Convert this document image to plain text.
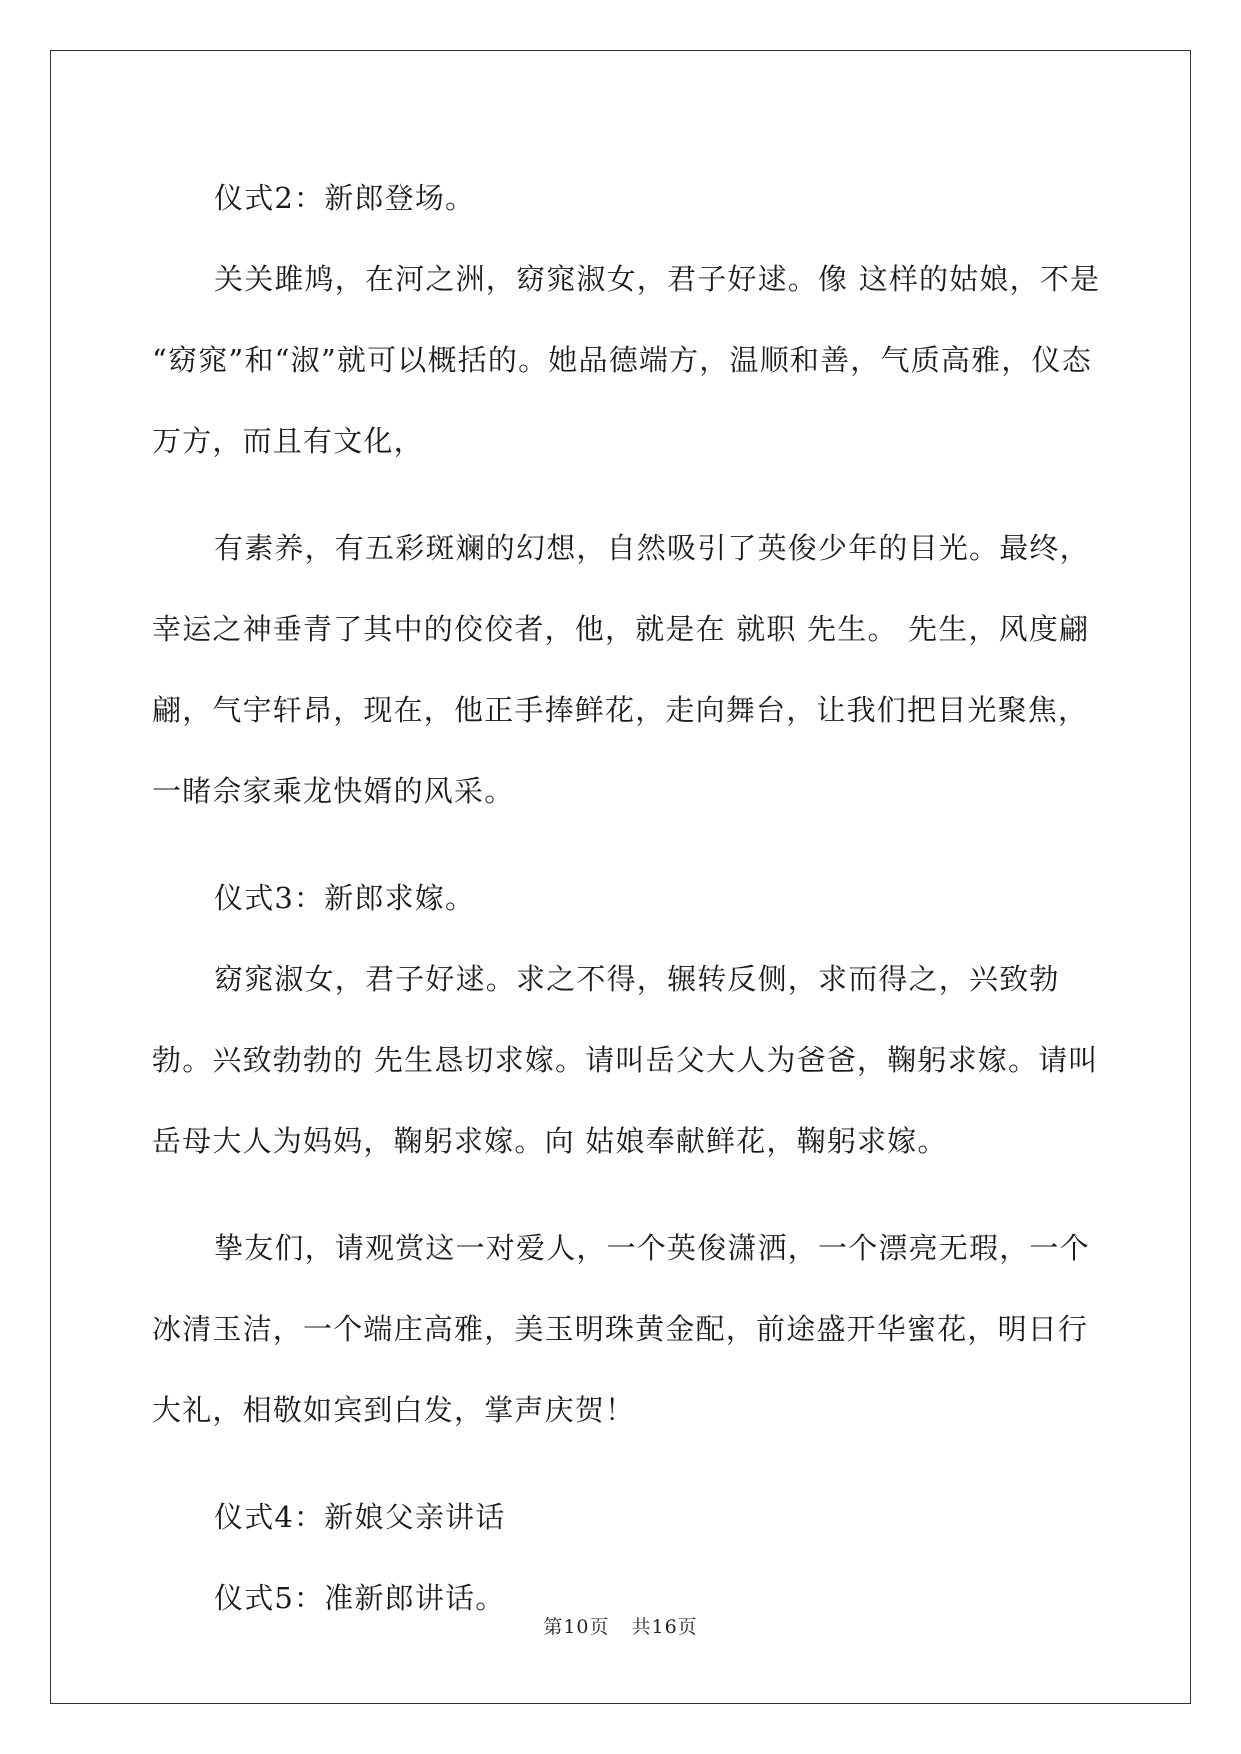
仪式2：新郎登场。

关关雎鸠，在河之洲，窈窕淑女，君子好逑。像 这样的姑娘，不是 “窈窕”和“淑”就可以概括的。她品德端方，温顺和善，气质高雅，仪态万方，而且有文化，

有素养，有五彩斑斓的幻想，自然吸引了英俊少年的目光。最终，幸运之神垂青了其中的佼佼者，他，就是在 就职 先生。 先生，风度翩翩，气宇轩昂，现在，他正手捧鲜花，走向舞台，让我们把目光聚焦，一睹佘家乘龙快婿的风采。

仪式3：新郎求嫁。

窈窕淑女，君子好逑。求之不得，辗转反侧，求而得之，兴致勃勃。兴致勃勃的 先生恳切求嫁。请叫岳父大人为爸爸，鞠躬求嫁。请叫岳母大人为妈妈，鞠躬求嫁。向 姑娘奉献鲜花，鞠躬求嫁。

挚友们，请观赏这一对爱人，一个英俊潇洒，一个漂亮无瑕，一个冰清玉洁，一个端庄高雅，美玉明珠黄金配，前途盛开华蜜花，明日行大礼，相敬如宾到白发，掌声庆贺！

仪式4：新娘父亲讲话

仪式5：准新郎讲话。

第10页 共16页
